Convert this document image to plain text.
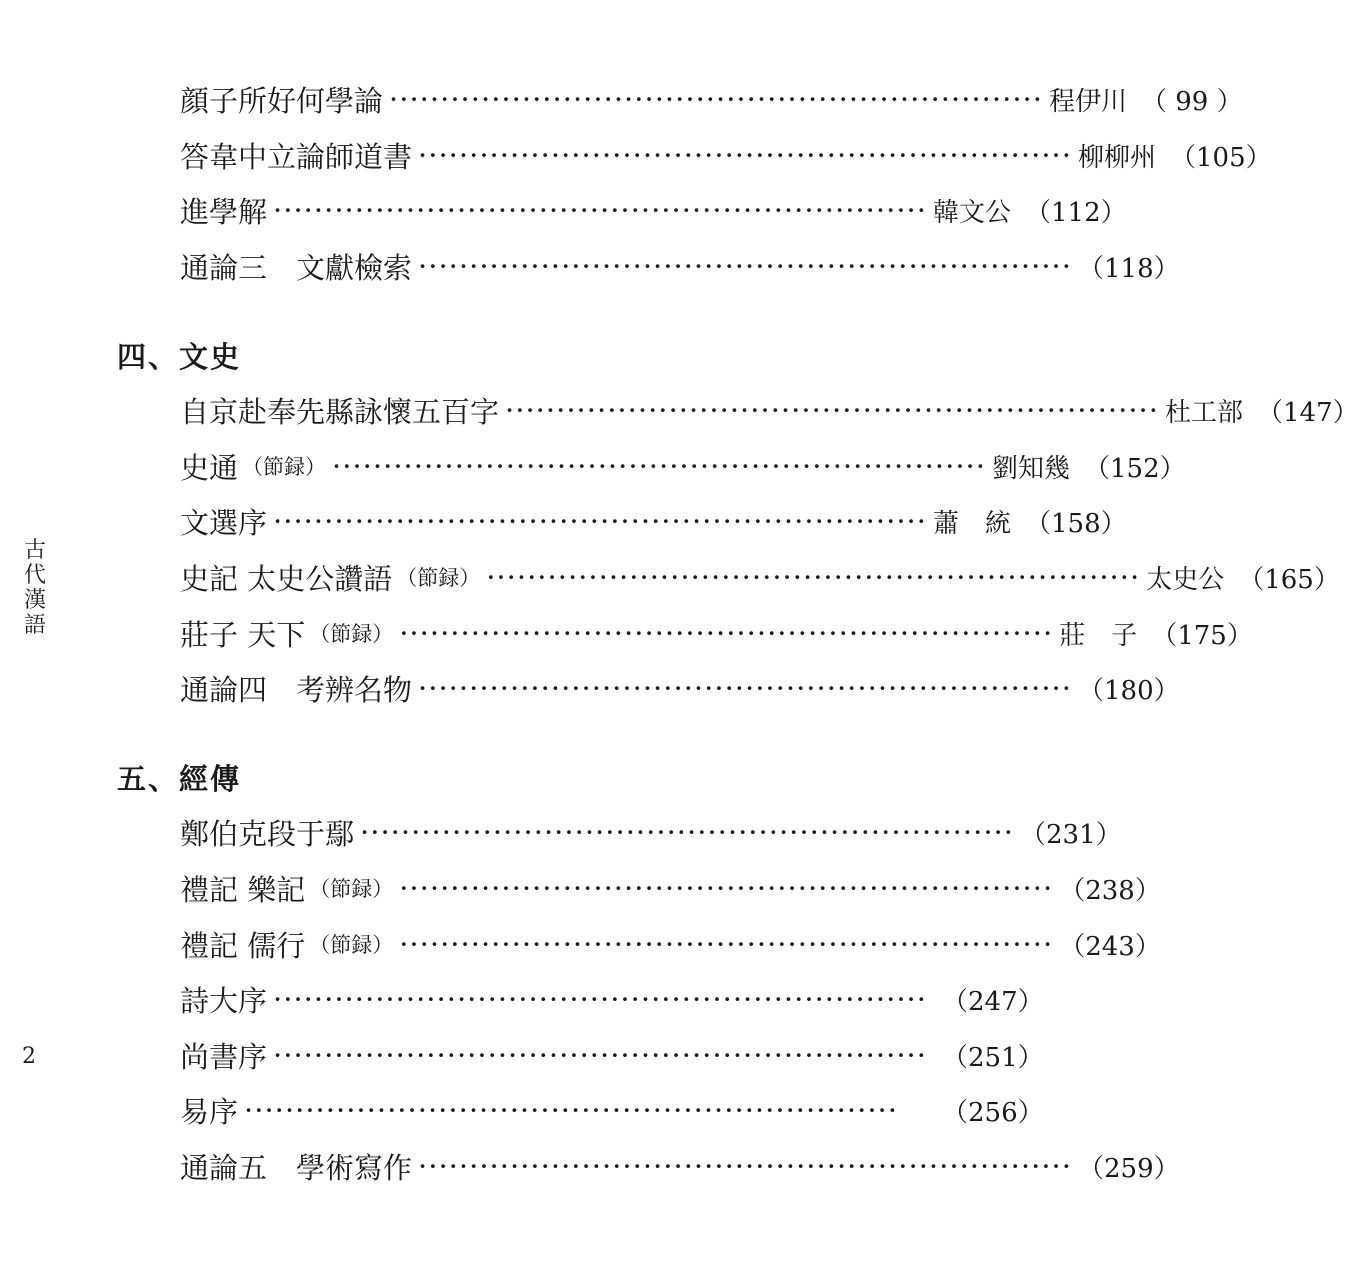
古
代
漢
語
2
顔子所好何學論 ································································ 程伊川 （ 99 ）
答韋中立論師道書 ································································ 柳柳州 （105）
進學解 ································································ 韓文公 （112）
通論三　文獻檢索 ································································ （118）
四、文史
自京赴奉先縣詠懷五百字 ································································ 杜工部 （147）
史通 （節録） ································································ 劉知幾 （152）
文選序 ································································ 蕭　統 （158）
史記 太史公讚語 （節録） ································································ 太史公 （165）
莊子 天下 （節録） ································································ 莊　子 （175）
通論四　考辨名物 ································································ （180）
五、經傳
鄭伯克段于鄢 ································································ （231）
禮記 樂記 （節録） ································································ （238）
禮記 儒行 （節録） ································································ （243）
詩大序 ································································ （247）
尚書序 ································································ （251）
易序 ································································	（256）
通論五　學術寫作 ································································ （259）
